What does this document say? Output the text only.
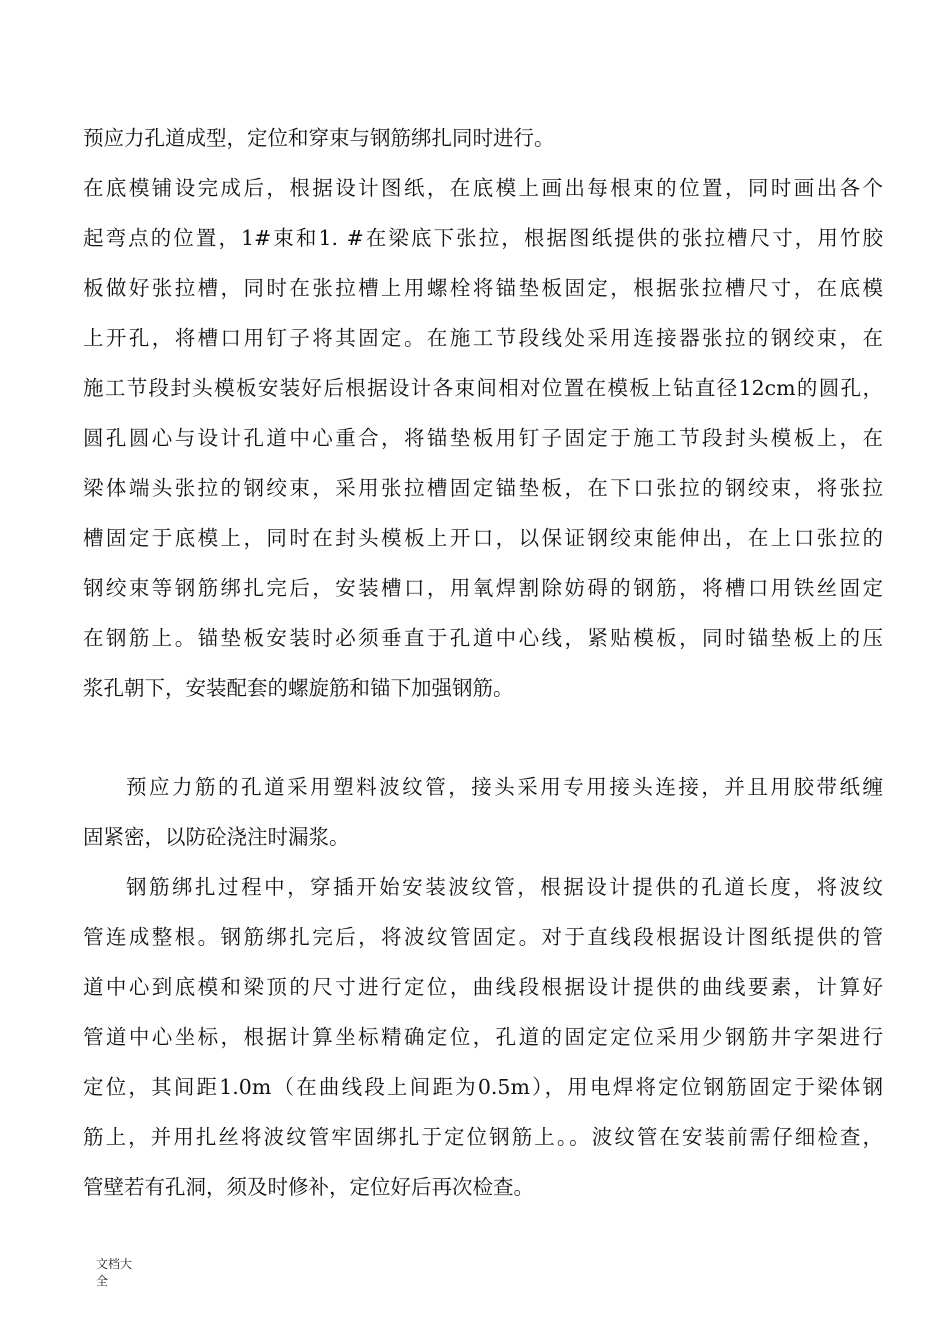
预应力孔道成型，定位和穿束与钢筋绑扎同时进行。
在底模铺设完成后，根据设计图纸，在底模上画出每根束的位置，同时画出各个
起弯点的位置，1#束和1. #在梁底下张拉，根据图纸提供的张拉槽尺寸，用竹胶
板做好张拉槽，同时在张拉槽上用螺栓将锚垫板固定，根据张拉槽尺寸，在底模
上开孔，将槽口用钉子将其固定。在施工节段线处采用连接器张拉的钢绞束，在
施工节段封头模板安装好后根据设计各束间相对位置在模板上钻直径12cm的圆孔，
圆孔圆心与设计孔道中心重合，将锚垫板用钉子固定于施工节段封头模板上，在
梁体端头张拉的钢绞束，采用张拉槽固定锚垫板，在下口张拉的钢绞束，将张拉
槽固定于底模上，同时在封头模板上开口，以保证钢绞束能伸出，在上口张拉的
钢绞束等钢筋绑扎完后，安装槽口，用氧焊割除妨碍的钢筋，将槽口用铁丝固定
在钢筋上。锚垫板安装时必须垂直于孔道中心线，紧贴模板，同时锚垫板上的压
浆孔朝下，安装配套的螺旋筋和锚下加强钢筋。
预应力筋的孔道采用塑料波纹管，接头采用专用接头连接，并且用胶带纸缠
固紧密，以防砼浇注时漏浆。
钢筋绑扎过程中，穿插开始安装波纹管，根据设计提供的孔道长度，将波纹
管连成整根。钢筋绑扎完后，将波纹管固定。对于直线段根据设计图纸提供的管
道中心到底模和梁顶的尺寸进行定位，曲线段根据设计提供的曲线要素，计算好
管道中心坐标，根据计算坐标精确定位，孔道的固定定位采用少钢筋井字架进行
定位，其间距1.0m（在曲线段上间距为0.5m），用电焊将定位钢筋固定于梁体钢
筋上，并用扎丝将波纹管牢固绑扎于定位钢筋上。。波纹管在安装前需仔细检查，
管壁若有孔洞，须及时修补，定位好后再次检查。
文档大
全
